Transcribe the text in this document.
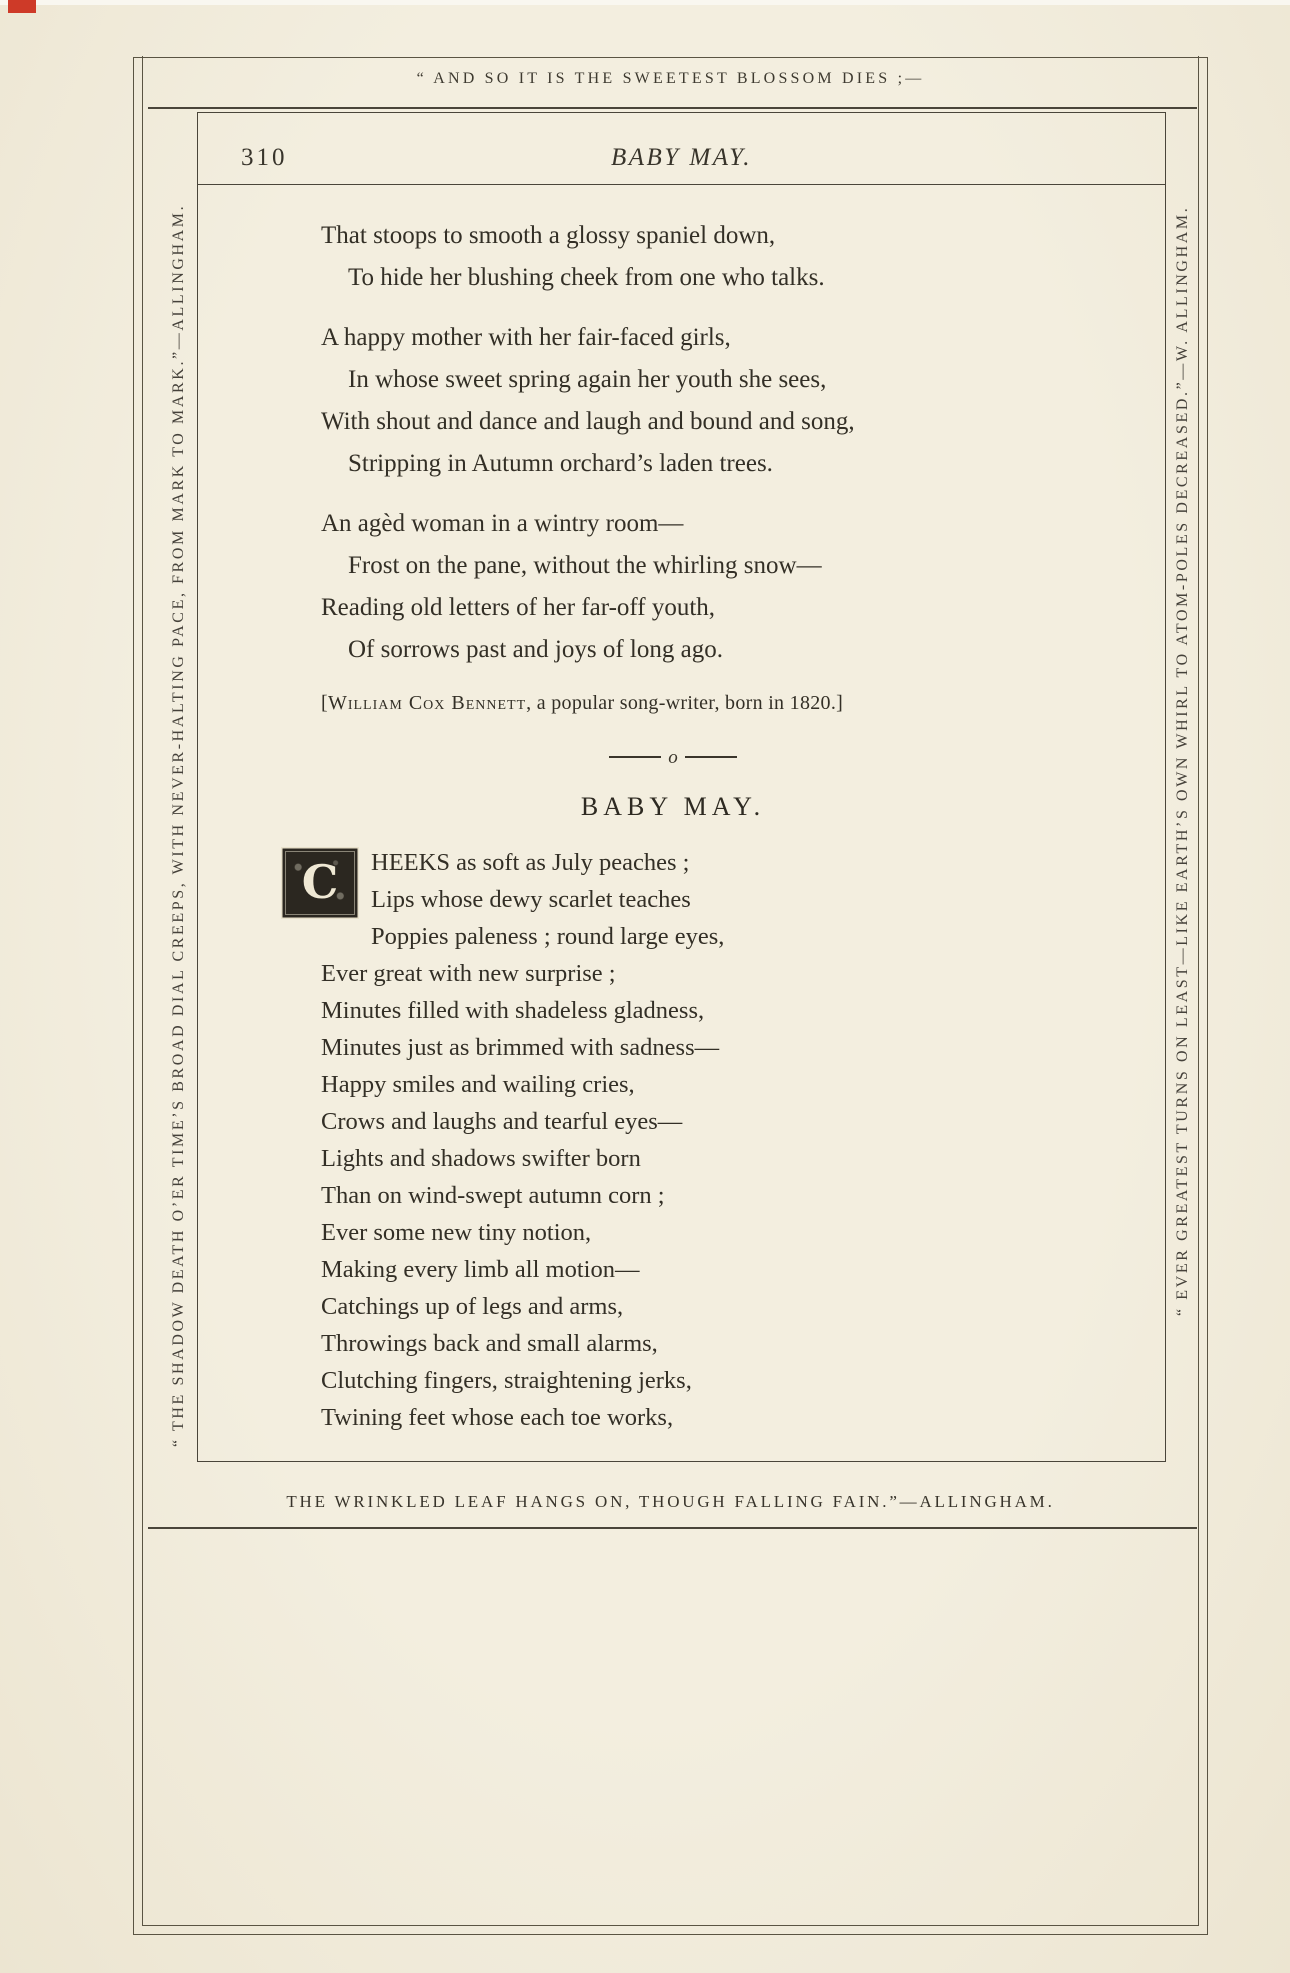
“ AND SO IT IS THE SWEETEST BLOSSOM DIES ;—
“ THE SHADOW DEATH O’ER TIME’S BROAD DIAL CREEPS, WITH NEVER-HALTING PACE, FROM MARK TO MARK.”—ALLINGHAM.	“ EVER GREATEST TURNS ON LEAST—LIKE EARTH’S OWN WHIRL TO ATOM-POLES DECREASED.”—W. ALLINGHAM.
310	BABY MAY.
That stoops to smooth a glossy spaniel down,
To hide her blushing cheek from one who talks.
A happy mother with her fair-faced girls,
In whose sweet spring again her youth she sees,
With shout and dance and laugh and bound and song,
Stripping in Autumn orchard’s laden trees.
An agèd woman in a wintry room—
Frost on the pane, without the whirling snow—
Reading old letters of her far-off youth,
Of sorrows past and joys of long ago.
[William Cox Bennett, a popular song-writer, born in 1820.]
o
BABY MAY.
C	HEEKS as soft as July peaches ;
Lips whose dewy scarlet teaches
Poppies paleness ; round large eyes,
Ever great with new surprise ;
Minutes filled with shadeless gladness,
Minutes just as brimmed with sadness—
Happy smiles and wailing cries,
Crows and laughs and tearful eyes—
Lights and shadows swifter born
Than on wind-swept autumn corn ;
Ever some new tiny notion,
Making every limb all motion—
Catchings up of legs and arms,
Throwings back and small alarms,
Clutching fingers, straightening jerks,
Twining feet whose each toe works,
THE WRINKLED LEAF HANGS ON, THOUGH FALLING FAIN.”—ALLINGHAM.
